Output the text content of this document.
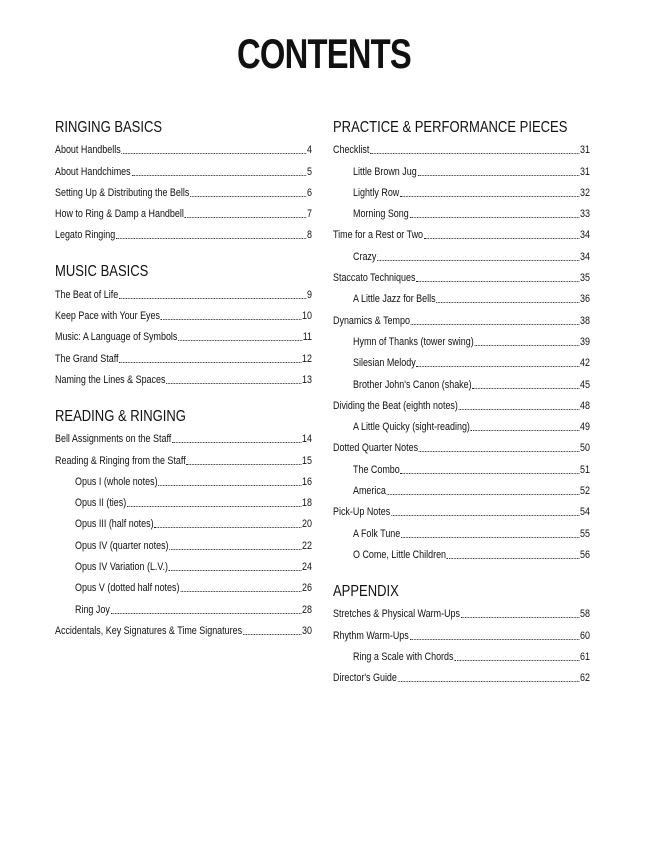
CONTENTS
RINGING BASICS
About Handbells	4
About Handchimes	5
Setting Up & Distributing the Bells	6
How to Ring & Damp a Handbell	7
Legato Ringing	8
MUSIC BASICS
The Beat of Life	9
Keep Pace with Your Eyes	10
Music: A Language of Symbols	11
The Grand Staff	12
Naming the Lines & Spaces	13
READING & RINGING
Bell Assignments on the Staff	14
Reading & Ringing from the Staff	15
Opus I (whole notes)	16
Opus II (ties)	18
Opus III (half notes)	20
Opus IV (quarter notes)	22
Opus IV Variation (L.V.)	24
Opus V (dotted half notes)	26
Ring Joy	28
Accidentals, Key Signatures & Time Signatures	30
PRACTICE & PERFORMANCE PIECES
Checklist	31
Little Brown Jug	31
Lightly Row	32
Morning Song	33
Time for a Rest or Two	34
Crazy	34
Staccato Techniques	35
A Little Jazz for Bells	36
Dynamics & Tempo	38
Hymn of Thanks (tower swing)	39
Silesian Melody	42
Brother John's Canon (shake)	45
Dividing the Beat (eighth notes)	48
A Little Quicky (sight-reading)	49
Dotted Quarter Notes	50
The Combo	51
America	52
Pick-Up Notes	54
A Folk Tune	55
O Come, Little Children	56
APPENDIX
Stretches & Physical Warm-Ups	58
Rhythm Warm-Ups	60
Ring a Scale with Chords	61
Director's Guide	62
